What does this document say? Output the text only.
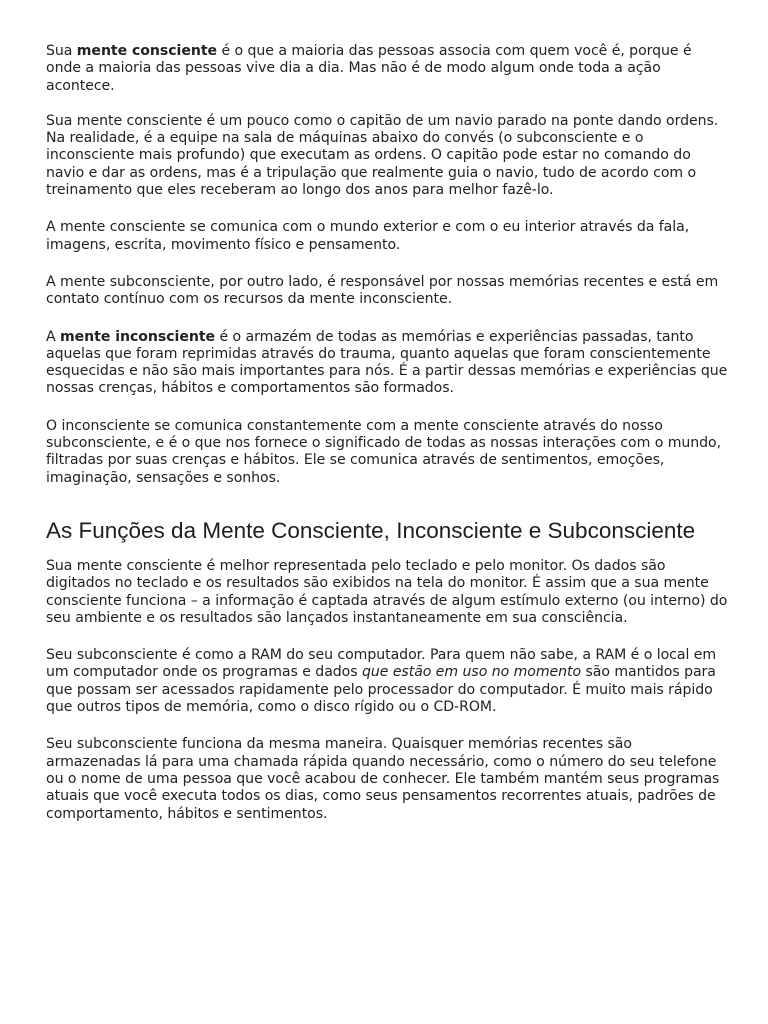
Sua mente consciente é o que a maioria das pessoas associa com quem você é, porque é onde a maioria das pessoas vive dia a dia. Mas não é de modo algum onde toda a ação acontece.

Sua mente consciente é um pouco como o capitão de um navio parado na ponte dando ordens. Na realidade, é a equipe na sala de máquinas abaixo do convés (o subconsciente e o inconsciente mais profundo) que executam as ordens. O capitão pode estar no comando do navio e dar as ordens, mas é a tripulação que realmente guia o navio, tudo de acordo com o treinamento que eles receberam ao longo dos anos para melhor fazê-lo.

A mente consciente se comunica com o mundo exterior e com o eu interior através da fala, imagens, escrita, movimento físico e pensamento.

A mente subconsciente, por outro lado, é responsável por nossas memórias recentes e está em contato contínuo com os recursos da mente inconsciente.

A mente inconsciente é o armazém de todas as memórias e experiências passadas, tanto aquelas que foram reprimidas através do trauma, quanto aquelas que foram conscientemente esquecidas e não são mais importantes para nós. É a partir dessas memórias e experiências que nossas crenças, hábitos e comportamentos são formados.

O inconsciente se comunica constantemente com a mente consciente através do nosso subconsciente, e é o que nos fornece o significado de todas as nossas interações com o mundo, filtradas por suas crenças e hábitos. Ele se comunica através de sentimentos, emoções, imaginação, sensações e sonhos.

As Funções da Mente Consciente, Inconsciente e Subconsciente

Sua mente consciente é melhor representada pelo teclado e pelo monitor. Os dados são digitados no teclado e os resultados são exibidos na tela do monitor. É assim que a sua mente consciente funciona – a informação é captada através de algum estímulo externo (ou interno) do seu ambiente e os resultados são lançados instantaneamente em sua consciência.

Seu subconsciente é como a RAM do seu computador. Para quem não sabe, a RAM é o local em um computador onde os programas e dados que estão em uso no momento são mantidos para que possam ser acessados rapidamente pelo processador do computador. É muito mais rápido que outros tipos de memória, como o disco rígido ou o CD-ROM.

Seu subconsciente funciona da mesma maneira. Quaisquer memórias recentes são armazenadas lá para uma chamada rápida quando necessário, como o número do seu telefone ou o nome de uma pessoa que você acabou de conhecer. Ele também mantém seus programas atuais que você executa todos os dias, como seus pensamentos recorrentes atuais, padrões de comportamento, hábitos e sentimentos.
